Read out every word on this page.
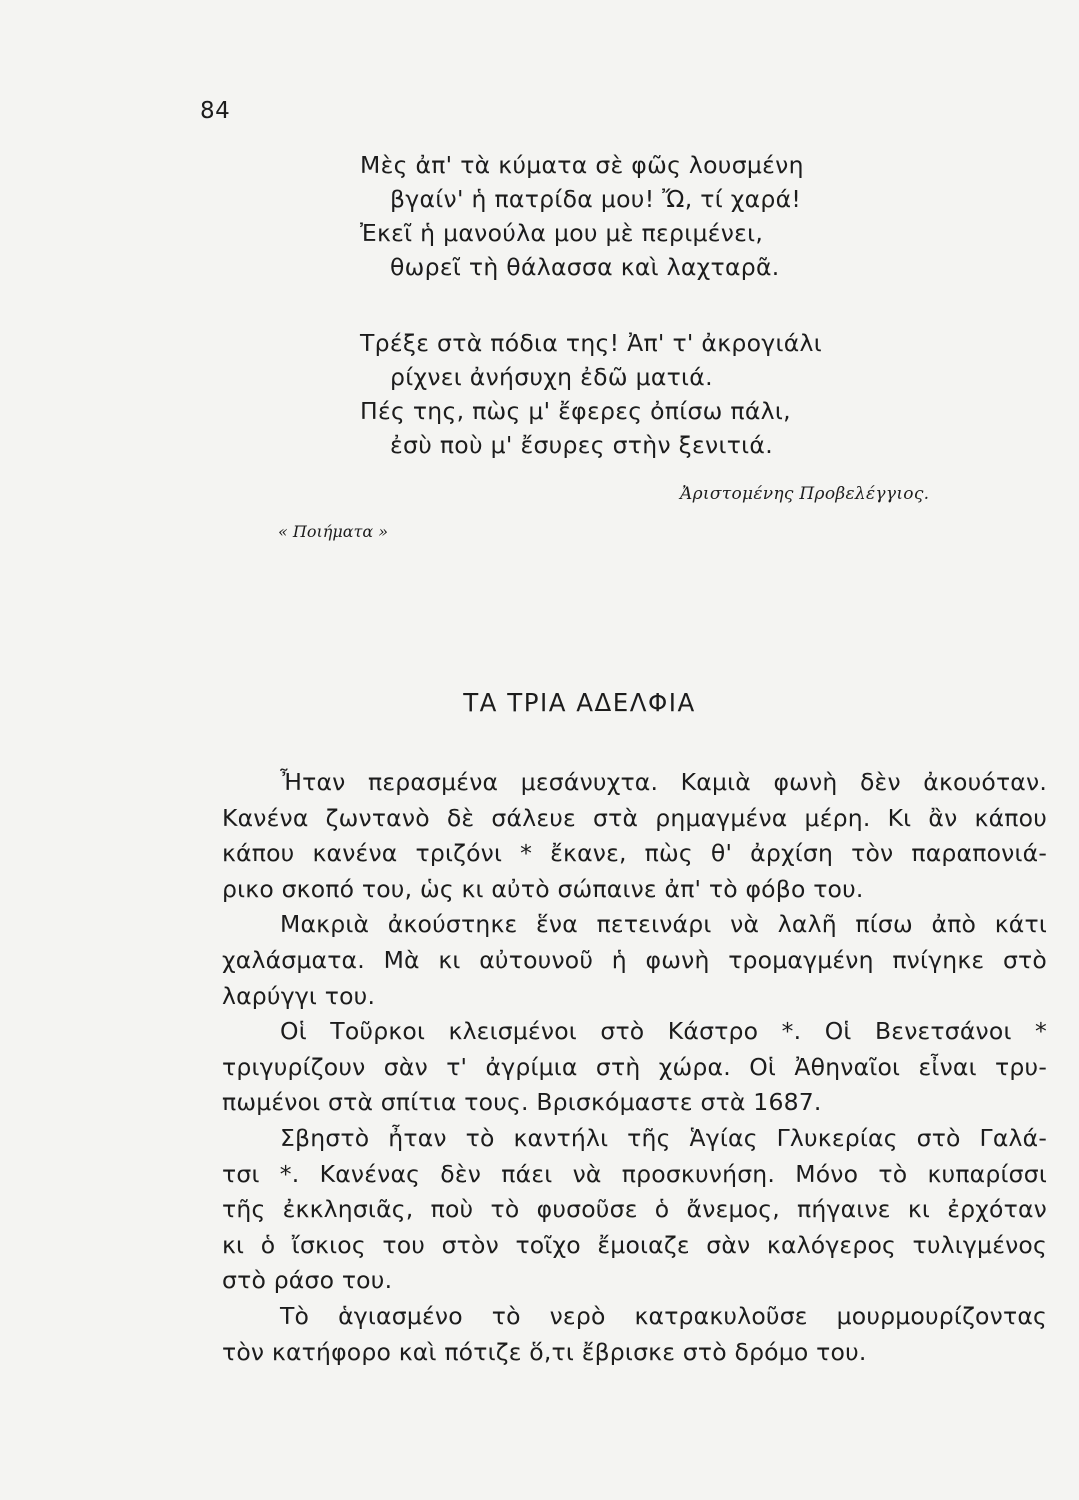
84
Μὲς ἀπ' τὰ κύματα σὲ φῶς λουσμένη
βγαίν' ἡ πατρίδα μου! Ὤ, τί χαρά!
Ἐκεῖ ἡ μανούλα μου μὲ περιμένει,
θωρεῖ τὴ θάλασσα καὶ λαχταρᾶ.
Τρέξε στὰ πόδια της! Ἀπ' τ' ἀκρογιάλι
ρίχνει ἀνήσυχη ἐδῶ ματιά.
Πές της, πὼς μ' ἔφερες ὀπίσω πάλι,
ἐσὺ ποὺ μ' ἔσυρες στὴν ξενιτιά.
Ἀριστομένης Προβελέγγιος.
« Ποιήματα »
ΤΑ ΤΡΙΑ ΑΔΕΛΦΙΑ
Ἦταν περασμένα μεσάνυχτα. Καμιὰ φωνὴ δὲν ἀκουόταν.
Κανένα ζωντανὸ δὲ σάλευε στὰ ρημαγμένα μέρη. Κι ἂν κάπου
κάπου κανένα τριζόνι * ἔκανε, πὼς θ' ἀρχίση τὸν παραπονιά-
ρικο σκοπό του, ὡς κι αὐτὸ σώπαινε ἀπ' τὸ φόβο του.
Μακριὰ ἀκούστηκε ἕνα πετεινάρι νὰ λαλῆ πίσω ἀπὸ κάτι
χαλάσματα. Μὰ κι αὐτουνοῦ ἡ φωνὴ τρομαγμένη πνίγηκε στὸ
λαρύγγι του.
Οἱ Τοῦρκοι κλεισμένοι στὸ Κάστρο *. Οἱ Βενετσάνοι *
τριγυρίζουν σὰν τ' ἀγρίμια στὴ χώρα. Οἱ Ἀθηναῖοι εἶναι τρυ-
πωμένοι στὰ σπίτια τους. Βρισκόμαστε στὰ 1687.
Σβηστὸ ἦταν τὸ καντήλι τῆς Ἁγίας Γλυκερίας στὸ Γαλά-
τσι *. Κανένας δὲν πάει νὰ προσκυνήση. Μόνο τὸ κυπαρίσσι
τῆς ἐκκλησιᾶς, ποὺ τὸ φυσοῦσε ὁ ἄνεμος, πήγαινε κι ἐρχόταν
κι ὁ ἴσκιος του στὸν τοῖχο ἔμοιαζε σὰν καλόγερος τυλιγμένος
στὸ ράσο του.
Τὸ ἁγιασμένο τὸ νερὸ κατρακυλοῦσε μουρμουρίζοντας
τὸν κατήφορο καὶ πότιζε ὅ,τι ἔβρισκε στὸ δρόμο του.
